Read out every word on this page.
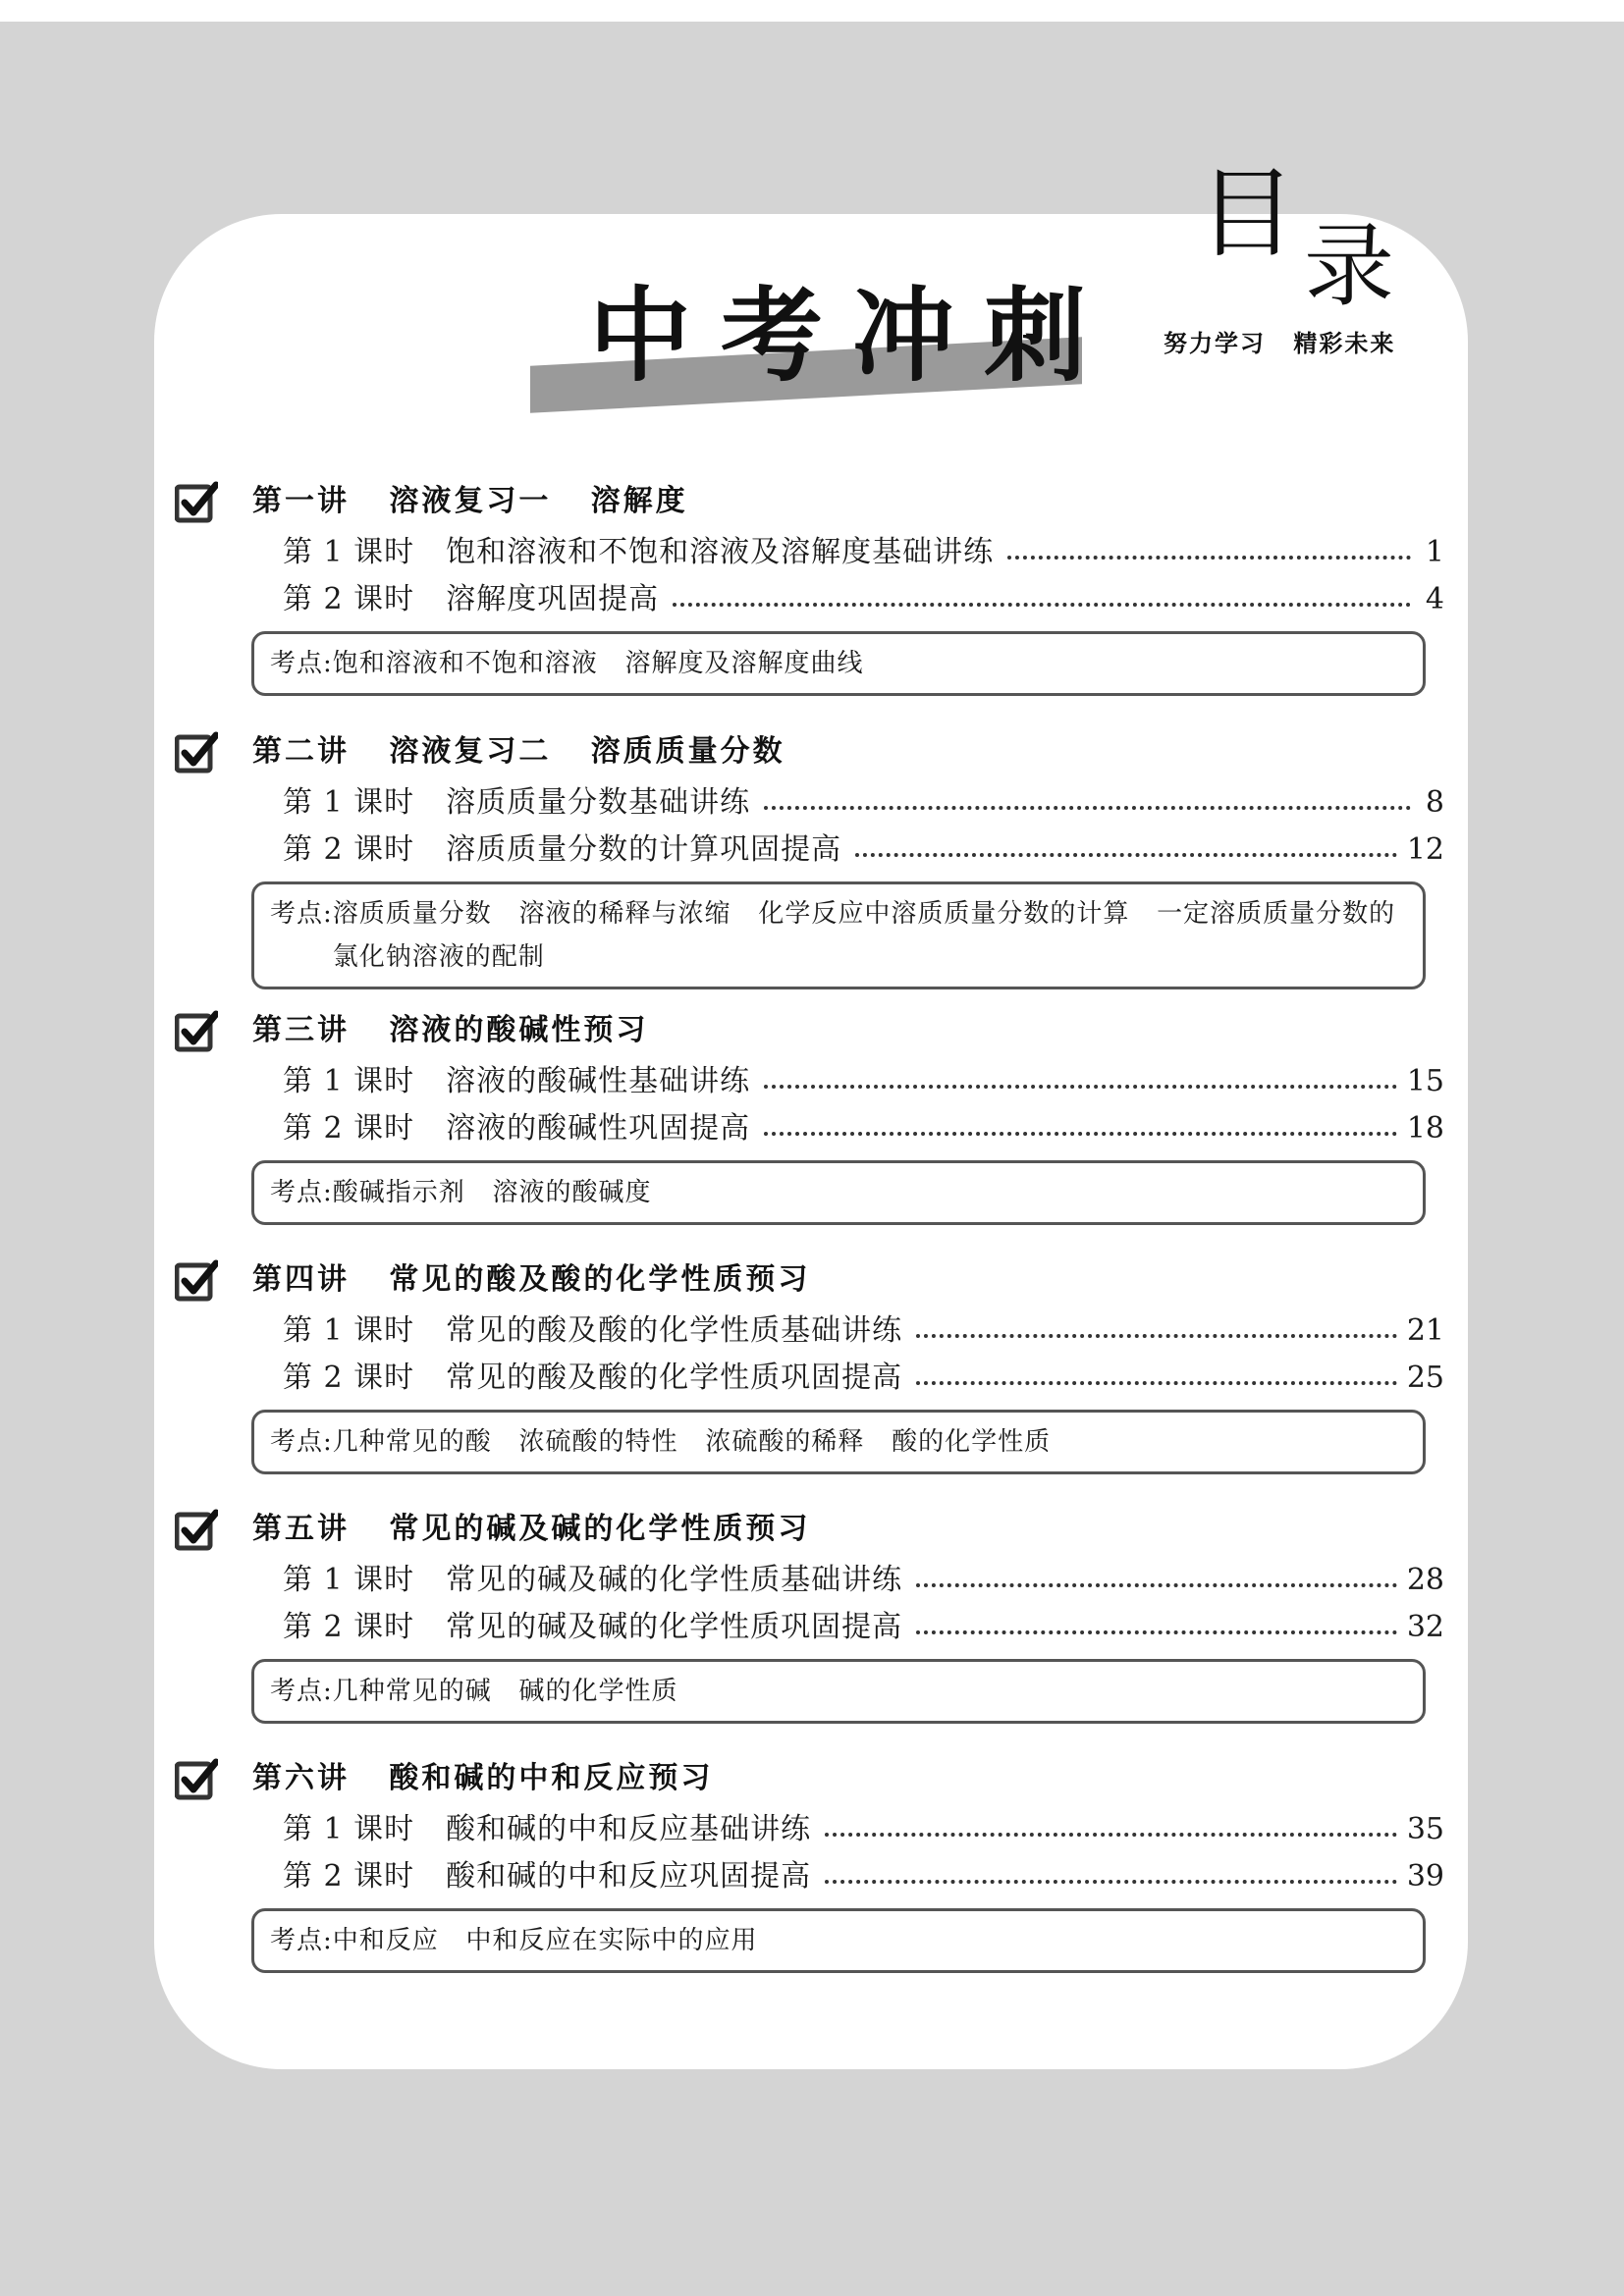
中考冲刺
目 录
努力学习 精彩未来
第一讲   溶液复习一   溶解度
第 1 课时 饱和溶液和不饱和溶液及溶解度基础讲练	1
第 2 课时 溶解度巩固提高	4
考点: 饱和溶液和不饱和溶液   溶解度及溶解度曲线
第二讲   溶液复习二   溶质质量分数
第 1 课时 溶质质量分数基础讲练	8
第 2 课时 溶质质量分数的计算巩固提高	12
考点: 溶质质量分数   溶液的稀释与浓缩   化学反应中溶质质量分数的计算   一定溶质质量分数的氯化钠溶液的配制
第三讲   溶液的酸碱性预习
第 1 课时 溶液的酸碱性基础讲练	15
第 2 课时 溶液的酸碱性巩固提高	18
考点: 酸碱指示剂   溶液的酸碱度
第四讲   常见的酸及酸的化学性质预习
第 1 课时 常见的酸及酸的化学性质基础讲练	21
第 2 课时 常见的酸及酸的化学性质巩固提高	25
考点: 几种常见的酸   浓硫酸的特性   浓硫酸的稀释   酸的化学性质
第五讲   常见的碱及碱的化学性质预习
第 1 课时 常见的碱及碱的化学性质基础讲练	28
第 2 课时 常见的碱及碱的化学性质巩固提高	32
考点: 几种常见的碱   碱的化学性质
第六讲   酸和碱的中和反应预习
第 1 课时 酸和碱的中和反应基础讲练	35
第 2 课时 酸和碱的中和反应巩固提高	39
考点: 中和反应   中和反应在实际中的应用
